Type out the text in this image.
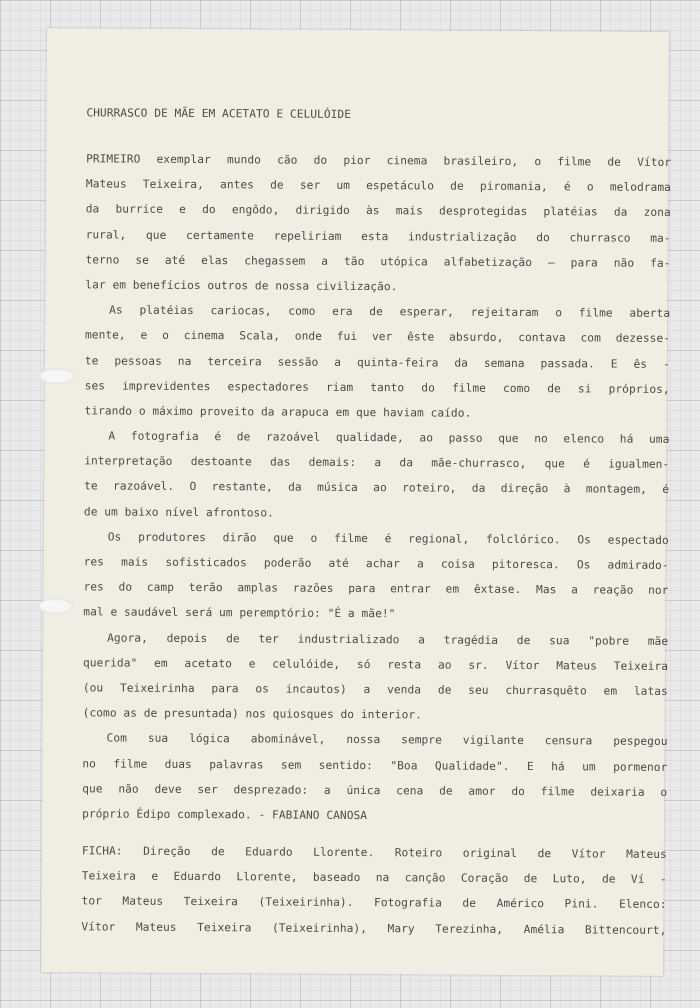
CHURRASCO DE MÃE EM ACETATO E CELULÓIDE
PRIMEIRO exemplar mundo cão do pior cinema brasileiro, o filme de Vítor
Mateus Teixeira, antes de ser um espetáculo de piromania, é o melodrama
da burrice e do engôdo, dirigido às mais desprotegidas platéias da zona
rural, que certamente repeliriam esta industrialização do churrasco ma-
terno se até elas chegassem a tão utópica alfabetização — para não fa-
lar em benefícios outros de nossa civilização.
As platéias cariocas, como era de esperar, rejeitaram o filme aberta
mente, e o cinema Scala, onde fui ver êste absurdo, contava com dezesse-
te pessoas na terceira sessão a quinta-feira da semana passada. E ês -
ses imprevidentes espectadores riam tanto do filme como de si próprios,
tirando o máximo proveito da arapuca em que haviam caído.
A fotografia é de razoável qualidade, ao passo que no elenco há uma
interpretação destoante das demais: a da mãe-churrasco, que é igualmen-
te razoável. O restante, da música ao roteiro, da direção à montagem, é
de um baixo nível afrontoso.
Os produtores dirão que o filme é regional, folclórico. Os espectado
res mais sofisticados poderão até achar a coisa pitoresca. Os admirado-
res do camp terão amplas razões para entrar em êxtase. Mas a reação nor
mal e saudável será um peremptório: "É a mãe!"
Agora, depois de ter industrializado a tragédia de sua "pobre mãe
querida" em acetato e celulóide, só resta ao sr. Vítor Mateus Teixeira
(ou Teixeirinha para os incautos) a venda de seu churrasquêto em latas
(como as de presuntada) nos quiosques do interior.
Com sua lógica abominável, nossa sempre vigilante censura pespegou
no filme duas palavras sem sentido: "Boa Qualidade". E há um pormenor
que não deve ser desprezado: a única cena de amor do filme deixaria o
próprio Édipo complexado. - FABIANO CANOSA
FICHA: Direção de Eduardo Llorente. Roteiro original de Vítor Mateus
Teixeira e Eduardo Llorente, baseado na canção Coração de Luto, de Ví -
tor Mateus Teixeira (Teixeirinha). Fotografia de Américo Pini. Elenco:
Vítor Mateus Teixeira (Teixeirinha), Mary Terezinha, Amélia Bittencourt,
